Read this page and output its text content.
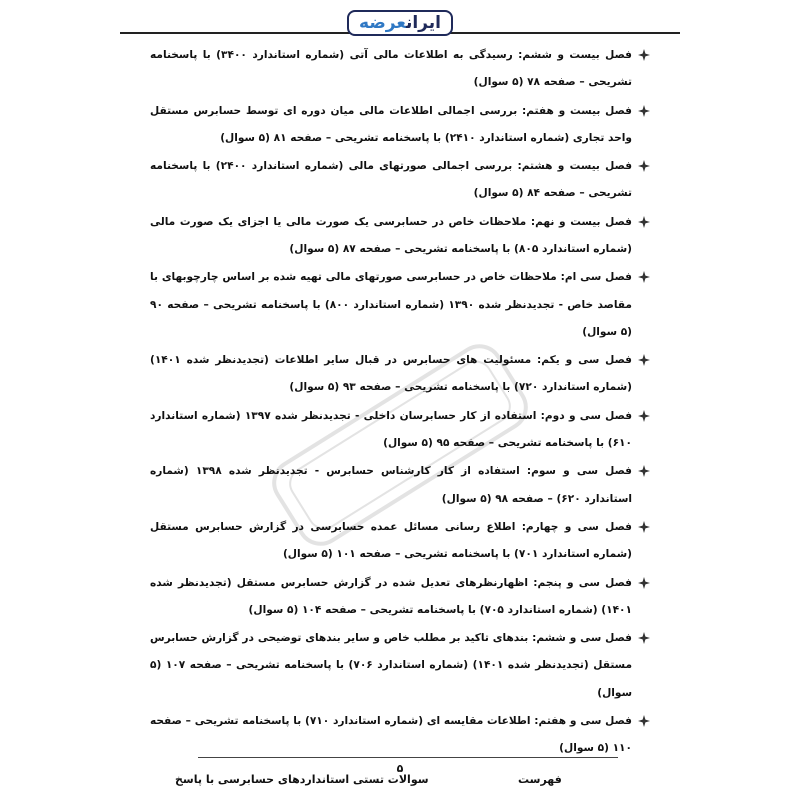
ایرانعرضه
فصل بیست و ششم: رسیدگی به اطلاعات مالی آتی (شماره استاندارد ۳۴۰۰) با پاسخنامه تشریحی – صفحه ۷۸ (۵ سوال)
فصل بیست و هفتم: بررسی اجمالی اطلاعات مالی میان دوره ای توسط حسابرس مستقل واحد تجاری (شماره استاندارد ۲۴۱۰) با پاسخنامه تشریحی – صفحه ۸۱ (۵ سوال)
فصل بیست و هشتم: بررسی اجمالی صورتهای مالی (شماره استاندارد ۲۴۰۰) با پاسخنامه تشریحی – صفحه ۸۴ (۵ سوال)
فصل بیست و نهم: ملاحظات خاص در حسابرسی یک صورت مالی یا اجزای یک صورت مالی (شماره استاندارد ۸۰۵) با پاسخنامه تشریحی – صفحه ۸۷ (۵ سوال)
فصل سی ام: ملاحظات خاص در حسابرسی صورتهای مالی تهیه شده بر اساس چارچوبهای با مقاصد خاص - تجدیدنظر شده ۱۳۹۰ (شماره استاندارد ۸۰۰) با پاسخنامه تشریحی – صفحه ۹۰ (۵ سوال)
فصل سی و یکم: مسئولیت های حسابرس در قبال سایر اطلاعات (تجدیدنظر شده ۱۴۰۱) (شماره استاندارد ۷۲۰) با پاسخنامه تشریحی – صفحه ۹۳ (۵ سوال)
فصل سی و دوم: استفاده از کار حسابرسان داخلی - تجدیدنظر شده ۱۳۹۷ (شماره استاندارد ۶۱۰) با پاسخنامه تشریحی – صفحه ۹۵ (۵ سوال)
فصل سی و سوم: استفاده از کار کارشناس حسابرس - تجدیدنظر شده ۱۳۹۸ (شماره استاندارد ۶۲۰) – صفحه ۹۸ (۵ سوال)
فصل سی و چهارم: اطلاع رسانی مسائل عمده حسابرسی در گزارش حسابرس مستقل (شماره استاندارد ۷۰۱) با پاسخنامه تشریحی – صفحه ۱۰۱ (۵ سوال)
فصل سی و پنجم: اظهارنظرهای تعدیل شده در گزارش حسابرس مستقل (تجدیدنظر شده ۱۴۰۱) (شماره استاندارد ۷۰۵) با پاسخنامه تشریحی – صفحه ۱۰۴ (۵ سوال)
فصل سی و ششم: بندهای تاکید بر مطلب خاص و سایر بندهای توضیحی در گزارش حسابرس مستقل (تجدیدنظر شده ۱۴۰۱) (شماره استاندارد ۷۰۶) با پاسخنامه تشریحی – صفحه ۱۰۷ (۵ سوال)
فصل سی و هفتم: اطلاعات مقایسه ای (شماره استاندارد ۷۱۰) با پاسخنامه تشریحی – صفحه ۱۱۰ (۵ سوال)
۵
سوالات تستی استانداردهای حسابرسی با پاسخ	فهرست
